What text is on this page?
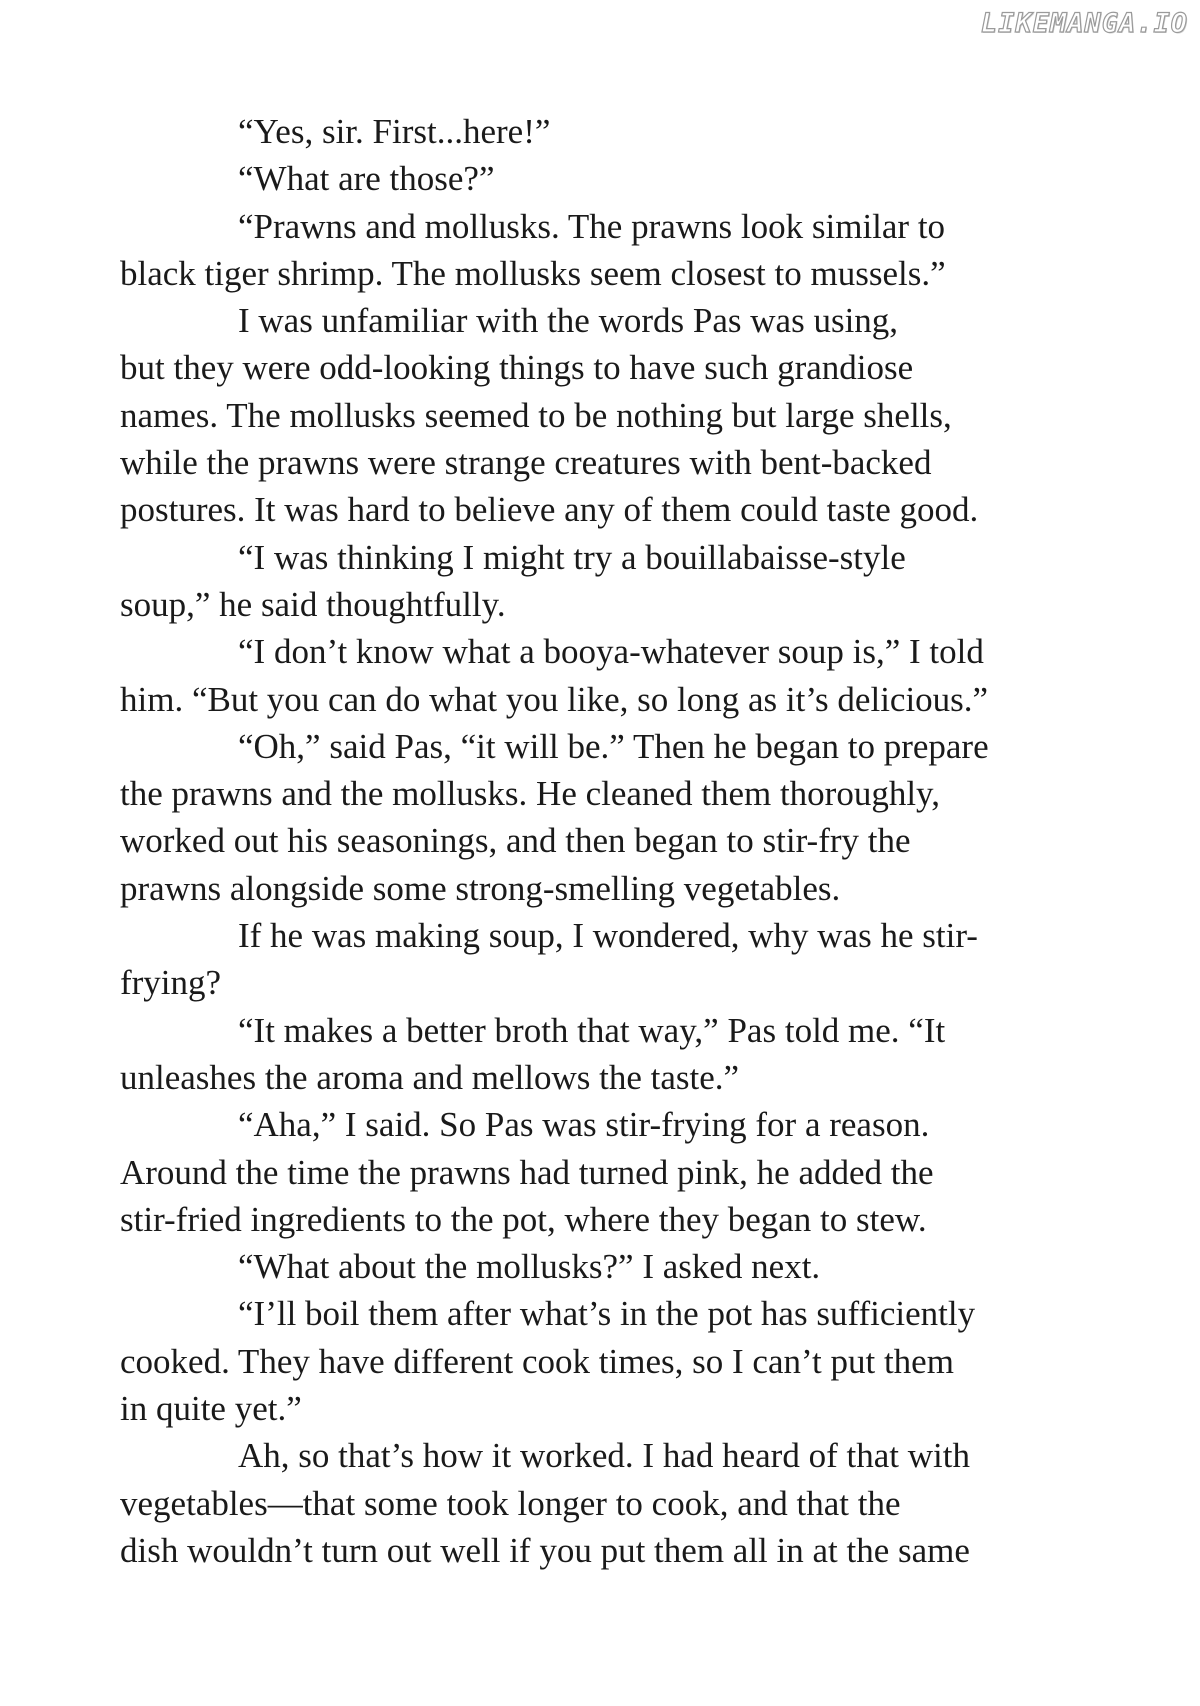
LIKEMANGA.IO
“Yes, sir. First...here!”
“What are those?”
“Prawns and mollusks. The prawns look similar to
black tiger shrimp. The mollusks seem closest to mussels.”
I was unfamiliar with the words Pas was using,
but they were odd-looking things to have such grandiose
names. The mollusks seemed to be nothing but large shells,
while the prawns were strange creatures with bent-backed
postures. It was hard to believe any of them could taste good.
“I was thinking I might try a bouillabaisse-style
soup,” he said thoughtfully.
“I don’t know what a booya-whatever soup is,” I told
him. “But you can do what you like, so long as it’s delicious.”
“Oh,” said Pas, “it will be.” Then he began to prepare
the prawns and the mollusks. He cleaned them thoroughly,
worked out his seasonings, and then began to stir-fry the
prawns alongside some strong-smelling vegetables.
If he was making soup, I wondered, why was he stir-
frying?
“It makes a better broth that way,” Pas told me. “It
unleashes the aroma and mellows the taste.”
“Aha,” I said. So Pas was stir-frying for a reason.
Around the time the prawns had turned pink, he added the
stir-fried ingredients to the pot, where they began to stew.
“What about the mollusks?” I asked next.
“I’ll boil them after what’s in the pot has sufficiently
cooked. They have different cook times, so I can’t put them
in quite yet.”
Ah, so that’s how it worked. I had heard of that with
vegetables—that some took longer to cook, and that the
dish wouldn’t turn out well if you put them all in at the same
